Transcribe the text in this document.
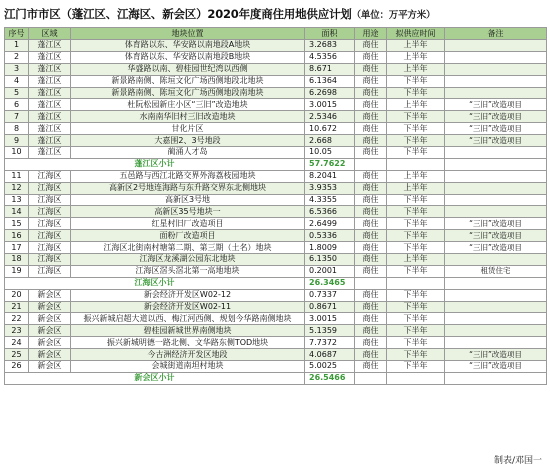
江门市市区（蓬江区、江海区、新会区）2020年度商住用地供应计划（单位：万平方米）
序号	区域	地块位置	面积	用途	拟供应时间	备注
1	蓬江区	体育路以东、华安路以南地段A地块	3.2683	商住	上半年	
2	蓬江区	体育路以东、华安路以南地段B地块	4.5356	商住	上半年	
3	蓬江区	华盛路以南、碧桂园世纪湾以西侧	8.671	商住	上半年	
4	蓬江区	新景路南侧、陈垣文化广场西侧地段北地块	6.1364	商住	下半年	
5	蓬江区	新景路南侧、陈垣文化广场西侧地段南地块	6.2698	商住	下半年	
6	蓬江区	杜阮松园新庄小区“三旧”改造地块	3.0015	商住	上半年	“三旧”改造项目
7	蓬江区	水南南华旧村三旧改造地块	2.5346	商住	下半年	“三旧”改造项目
8	蓬江区	甘化片区	10.672	商住	下半年	“三旧”改造项目
9	蓬江区	大嘉围2、3号地段	2.668	商住	下半年	“三旧”改造项目
10	蓬江区	蔺涌人才岛	10.05	商住	下半年	
蓬江区小计			57.7622			
11	江海区	五邑路与西江北路交界外海荔枝园地块	8.2041	商住	上半年	
12	江海区	高新区2号地连海路与东升路交界东北侧地块	3.9353	商住	上半年	
13	江海区	高新区3号地	4.3355	商住	下半年	
14	江海区	高新区35号地块一	6.5366	商住	下半年	
15	江海区	红星村旧厂改造项目	2.6499	商住	下半年	“三旧”改造项目
16	江海区	面粉厂改造项目	0.5336	商住	下半年	“三旧”改造项目
17	江海区	江海区北街南村塘第二期、第三期（土名）地块	1.8009	商住	下半年	“三旧”改造项目
18	江海区	江海区龙溪湖公园东北地块	6.1350	商住	上半年	
19	江海区	江海区滘头滘北第一高地地块	0.2001	商住	下半年	租赁住宅
江海区小计			26.3465			
20	新会区	新会经济开发区W02-12	0.7337	商住	下半年	
21	新会区	新会经济开发区W02-11	0.8671	商住	下半年	
22	新会区	振兴新城启超大道以西、梅江河西侧、规划今华路南侧地块	3.0015	商住	下半年	
23	新会区	碧桂园新城世界南侧地块	5.1359	商住	下半年	
24	新会区	振兴新城明德一路北侧、文华路东侧TOD地块	7.7372	商住	下半年	
25	新会区	今古洲经济开发区地段	4.0687	商住	下半年	“三旧”改造项目
26	新会区	会城街道南坦村地块	5.0025	商住	下半年	“三旧”改造项目
新会区小计			26.5466			
制表/邓国一
